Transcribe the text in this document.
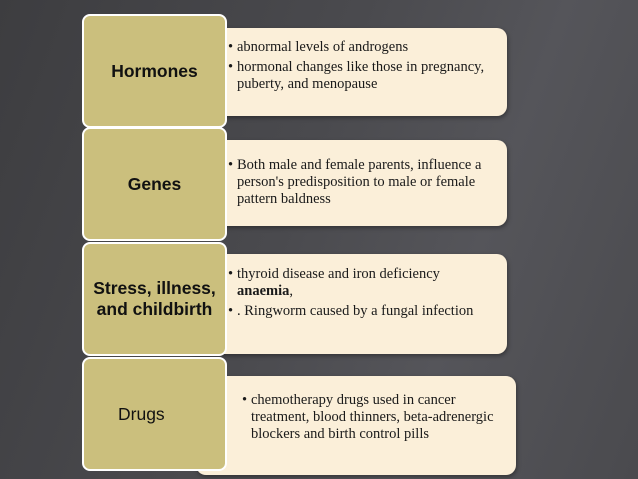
• abnormal levels of androgens
• hormonal changes like those in pregnancy, puberty, and menopause
Hormones
• Both male and female parents, influence a person's predisposition to male or female pattern baldness
Genes
• thyroid disease and iron deficiency anaemia,
• . Ringworm caused by a fungal infection
Stress, illness, and childbirth
• chemotherapy drugs used in cancer treatment, blood thinners, beta-adrenergic blockers and birth control pills
Drugs
